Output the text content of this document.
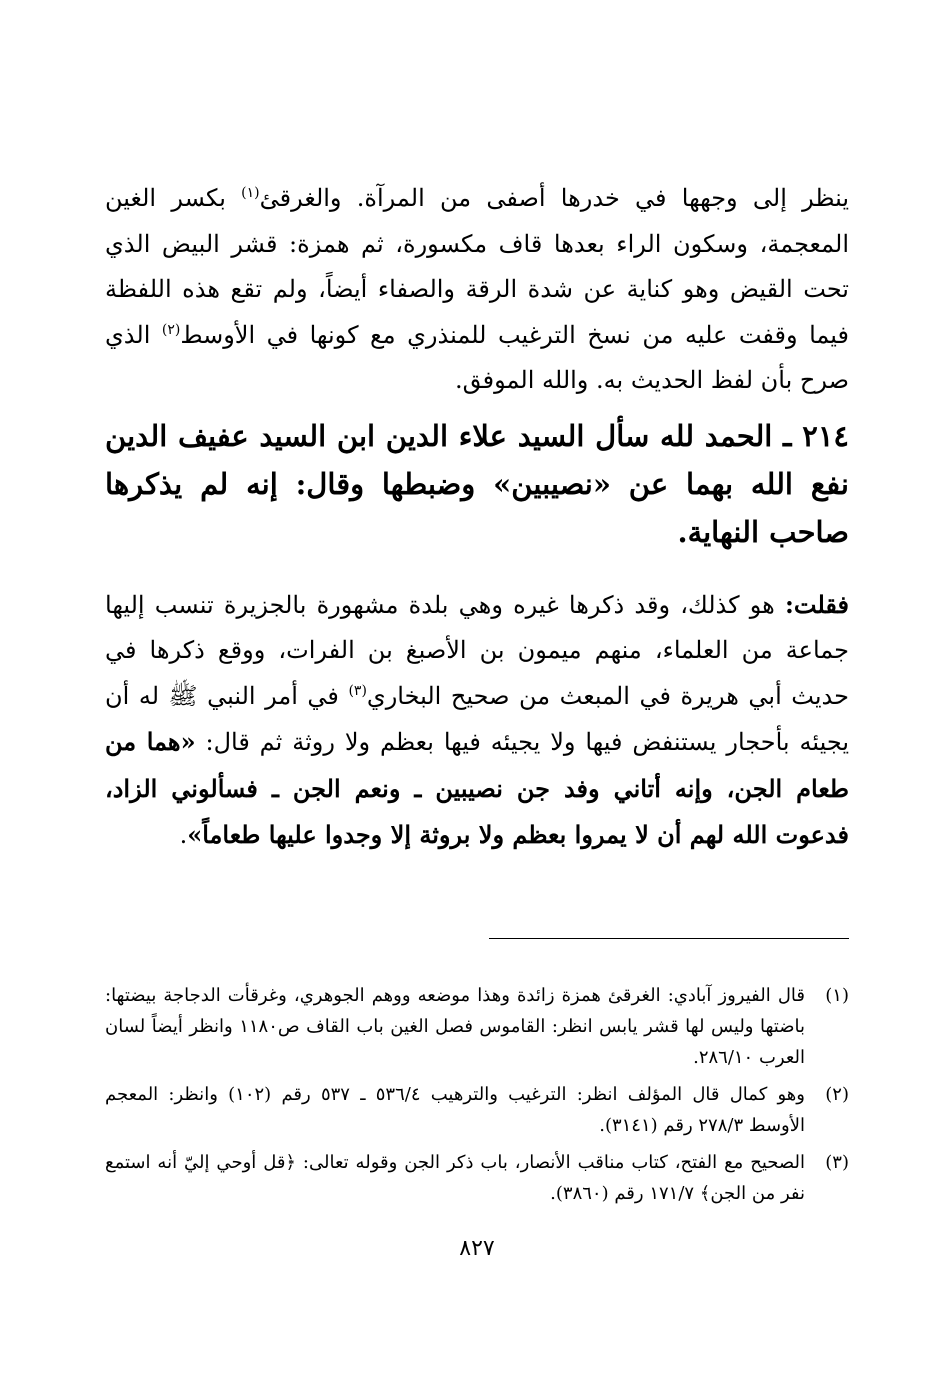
ينظر إلى وجهها في خدرها أصفى من المرآة. والغرقئ$^{(١)}$ بكسر الغين المعجمة، وسكون الراء بعدها قاف مكسورة، ثم همزة: قشر البيض الذي تحت القيض وهو كناية عن شدة الرقة والصفاء أيضاً، ولم تقع هذه اللفظة فيما وقفت عليه من نسخ الترغيب للمنذري مع كونها في الأوسط$^{(٢)}$ الذي صرح بأن لفظ الحديث به. والله الموفق.

٢١٤ ـ الحمد لله سأل السيد علاء الدين ابن السيد عفيف الدين نفع الله بهما عن «نصيبين» وضبطها وقال: إنه لم يذكرها صاحب النهاية.

فقلت: هو كذلك، وقد ذكرها غيره وهي بلدة مشهورة بالجزيرة تنسب إليها جماعة من العلماء، منهم ميمون بن الأصبغ بن الفرات، ووقع ذكرها في حديث أبي هريرة في المبعث من صحيح البخاري$^{(٣)}$ في أمر النبي ﷺ له أن يجيئه بأحجار يستنفض فيها ولا يجيئه فيها بعظم ولا روثة ثم قال: «هما من طعام الجن، وإنه أتاني وفد جن نصيبين ـ ونعم الجن ـ فسألوني الزاد، فدعوت الله لهم أن لا يمروا بعظم ولا بروثة إلا وجدوا عليها طعاماً».

(١)
قال الفيروز آبادي: الغرقئ همزة زائدة وهذا موضعه ووهم الجوهري، وغرقأت الدجاجة بيضتها: باضتها وليس لها قشر يابس انظر: القاموس فصل الغين باب القاف ص١١٨٠ وانظر أيضاً لسان العرب ٢٨٦/١٠.
(٢)
وهو كمال قال المؤلف انظر: الترغيب والترهيب ٥٣٦/٤ ـ ٥٣٧ رقم (١٠٢) وانظر: المعجم الأوسط ٢٧٨/٣ رقم (٣١٤١).
(٣)
الصحيح مع الفتح، كتاب مناقب الأنصار، باب ذكر الجن وقوله تعالى: ﴿قل أوحي إليّ أنه استمع نفر من الجن﴾ ١٧١/٧ رقم (٣٨٦٠).
٨٢٧
